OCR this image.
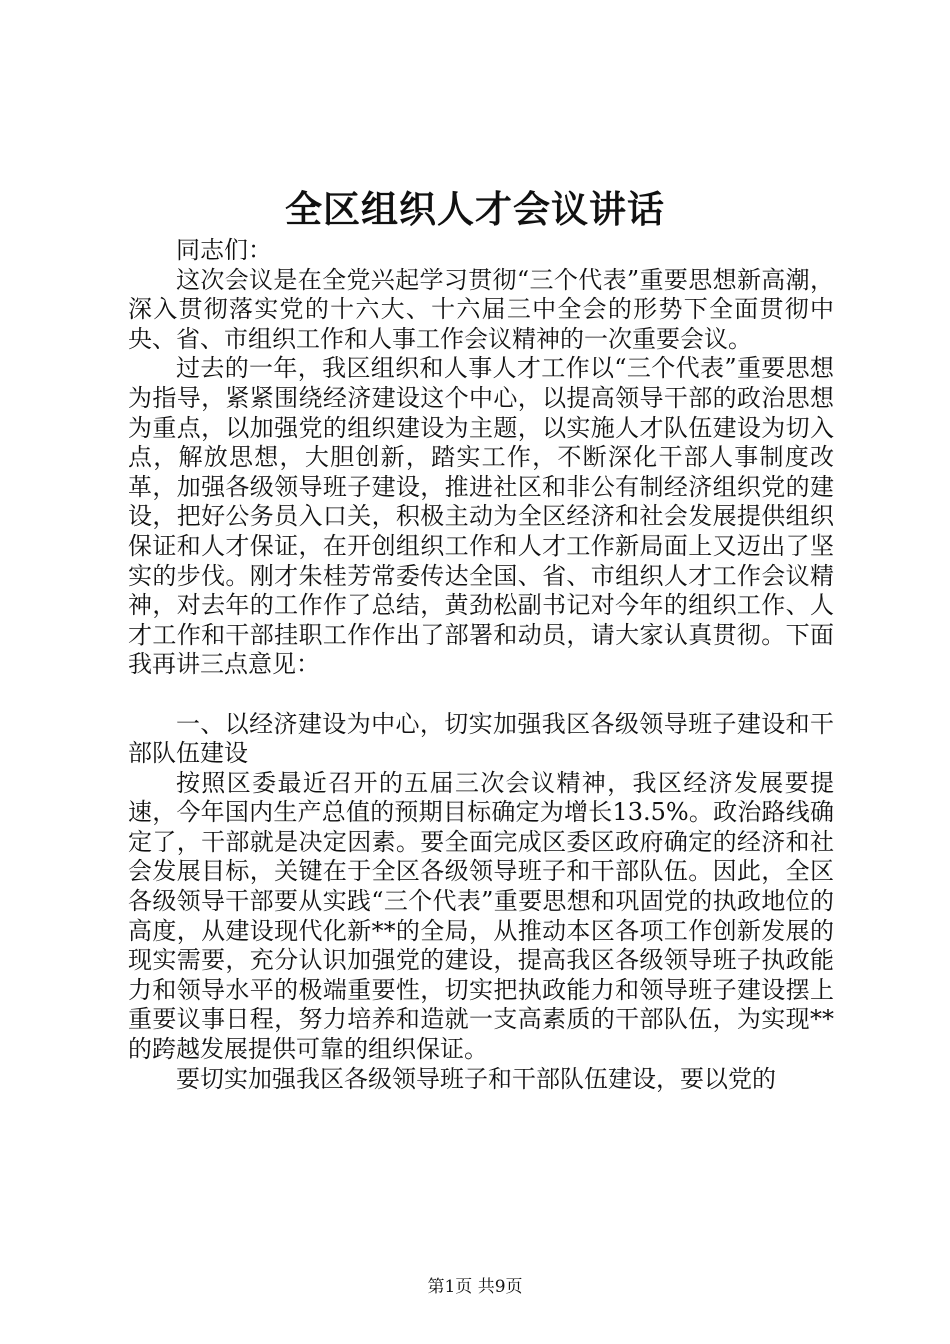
全区组织人才会议讲话

同志们：

这次会议是在全党兴起学习贯彻“三个代表”重要思想新高潮，深入贯彻落实党的十六大、十六届三中全会的形势下全面贯彻中央、省、市组织工作和人事工作会议精神的一次重要会议。

过去的一年，我区组织和人事人才工作以“三个代表”重要思想为指导，紧紧围绕经济建设这个中心，以提高领导干部的政治思想为重点，以加强党的组织建设为主题，以实施人才队伍建设为切入点，解放思想，大胆创新，踏实工作，不断深化干部人事制度改革，加强各级领导班子建设，推进社区和非公有制经济组织党的建设，把好公务员入口关，积极主动为全区经济和社会发展提供组织保证和人才保证，在开创组织工作和人才工作新局面上又迈出了坚实的步伐。刚才朱桂芳常委传达全国、省、市组织人才工作会议精神，对去年的工作作了总结，黄劲松副书记对今年的组织工作、人才工作和干部挂职工作作出了部署和动员，请大家认真贯彻。下面我再讲三点意见：

一、以经济建设为中心，切实加强我区各级领导班子建设和干部队伍建设

按照区委最近召开的五届三次会议精神，我区经济发展要提速，今年国内生产总值的预期目标确定为增长13.5%。政治路线确定了，干部就是决定因素。要全面完成区委区政府确定的经济和社会发展目标，关键在于全区各级领导班子和干部队伍。因此，全区各级领导干部要从实践“三个代表”重要思想和巩固党的执政地位的高度，从建设现代化新**的全局，从推动本区各项工作创新发展的现实需要，充分认识加强党的建设，提高我区各级领导班子执政能力和领导水平的极端重要性，切实把执政能力和领导班子建设摆上重要议事日程，努力培养和造就一支高素质的干部队伍，为实现**的跨越发展提供可靠的组织保证。

要切实加强我区各级领导班子和干部队伍建设，要以党的

第1页 共9页
